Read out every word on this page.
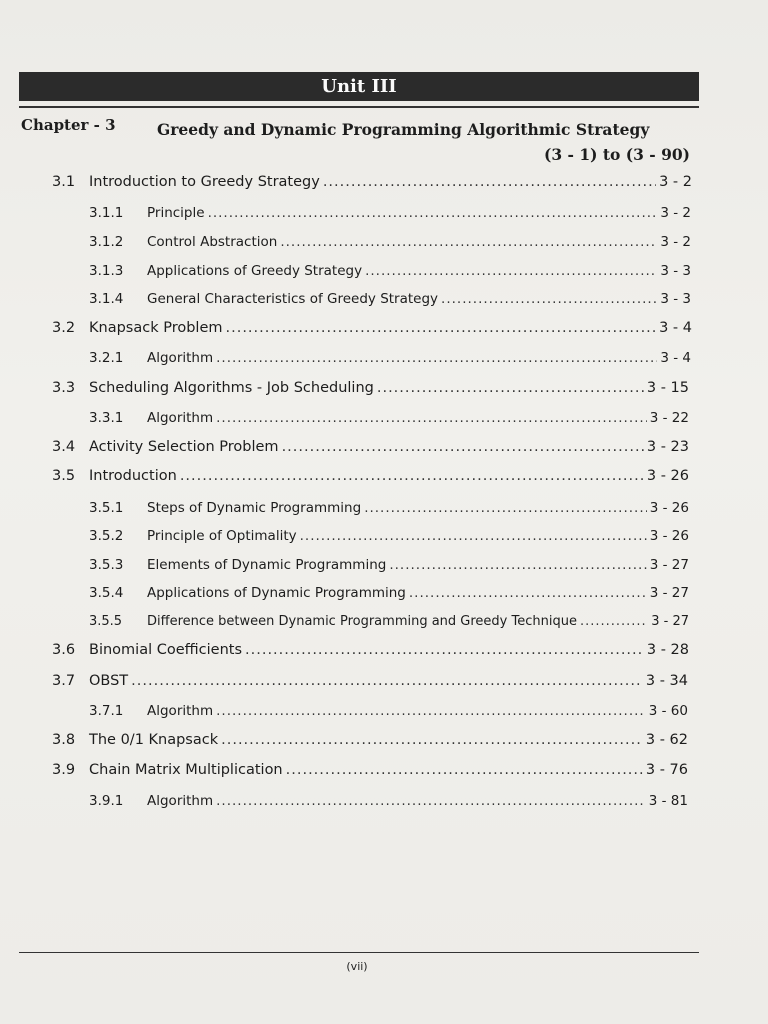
Unit III
Chapter - 3	Greedy and Dynamic Programming Algorithmic Strategy
(3 - 1) to (3 - 90)
3.1 Introduction to Greedy Strategy .....	3 - 2
3.1.1	Principle .....	3 - 2
3.1.2	Control Abstraction .....	3 - 2
3.1.3	Applications of Greedy Strategy .....	3 - 3
3.1.4	General Characteristics of Greedy Strategy .....	3 - 3
3.2 Knapsack Problem .....	3 - 4
3.2.1	Algorithm .....	3 - 4
3.3 Scheduling Algorithms - Job Scheduling .....	3 - 15
3.3.1	Algorithm .....	3 - 22
3.4 Activity Selection Problem .....	3 - 23
3.5 Introduction .....	3 - 26
3.5.1	Steps of Dynamic Programming .....	3 - 26
3.5.2	Principle of Optimality .....	3 - 26
3.5.3	Elements of Dynamic Programming .....	3 - 27
3.5.4	Applications of Dynamic Programming .....	3 - 27
3.5.5	Difference between Dynamic Programming and Greedy Technique .....	3 - 27
3.6 Binomial Coefficients .....	3 - 28
3.7 OBST .....	3 - 34
3.7.1	Algorithm .....	3 - 60
3.8 The 0/1 Knapsack .....	3 - 62
3.9 Chain Matrix Multiplication .....	3 - 76
3.9.1	Algorithm .....	3 - 81
(vii)
